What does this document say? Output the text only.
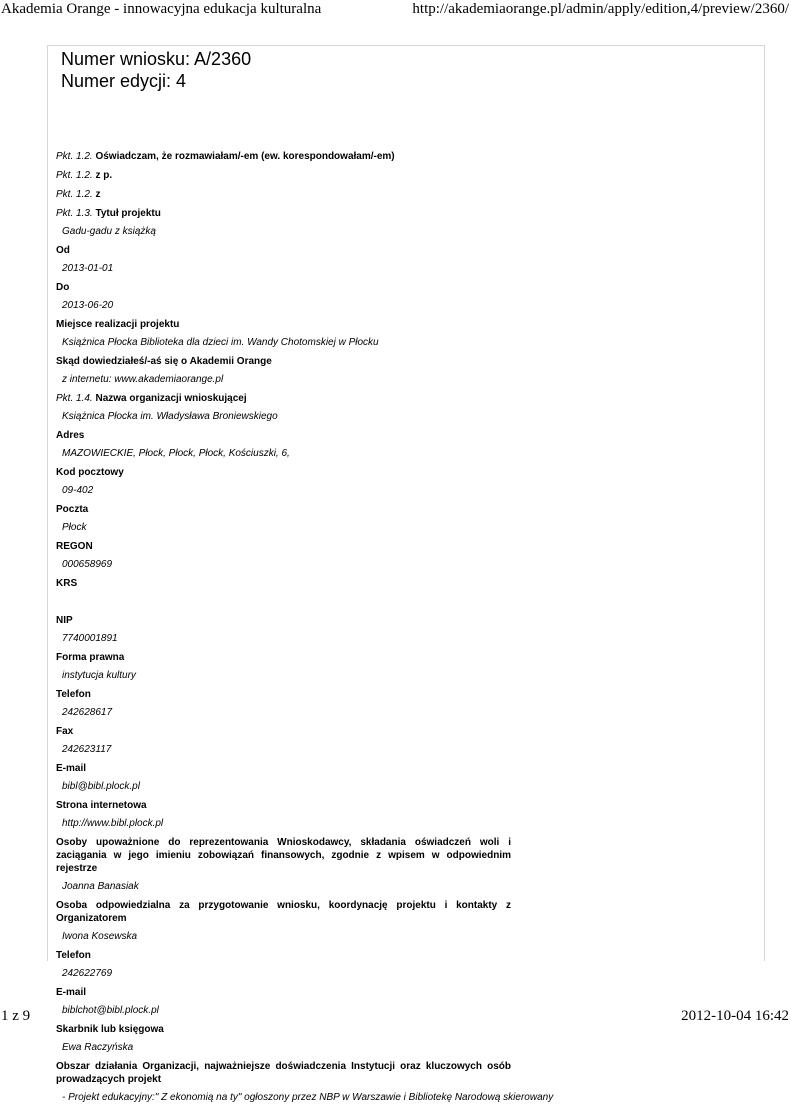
Akademia Orange - innowacyjna edukacja kulturalna	http://akademiaorange.pl/admin/apply/edition,4/preview/2360/
Numer wniosku: A/2360
Numer edycji: 4
Pkt. 1.2. Oświadczam, że rozmawiałam/-em (ew. korespondowałam/-em)
Pkt. 1.2. z p.
Pkt. 1.2. z
Pkt. 1.3. Tytuł projektu
Gadu-gadu z książką
Od
2013-01-01
Do
2013-06-20
Miejsce realizacji projektu
Książnica Płocka Biblioteka dla dzieci im. Wandy Chotomskiej w Płocku
Skąd dowiedziałeś/-aś się o Akademii Orange
z internetu: www.akademiaorange.pl
Pkt. 1.4. Nazwa organizacji wnioskującej
Książnica Płocka im. Władysława Broniewskiego
Adres
MAZOWIECKIE, Płock, Płock, Płock, Kościuszki, 6,
Kod pocztowy
09-402
Poczta
Płock
REGON
000658969
KRS

NIP
7740001891
Forma prawna
instytucja kultury
Telefon
242628617
Fax
242623117
E-mail
bibl@bibl.plock.pl
Strona internetowa
http://www.bibl.plock.pl
Osoby upoważnione do reprezentowania Wnioskodawcy, składania oświadczeń woli i zaciągania w jego imieniu zobowiązań finansowych, zgodnie z wpisem w odpowiednim rejestrze
Joanna Banasiak
Osoba odpowiedzialna za przygotowanie wniosku, koordynację projektu i kontakty z Organizatorem
Iwona Kosewska
Telefon
242622769
E-mail
biblchot@bibl.plock.pl
Skarbnik lub księgowa
Ewa Raczyńska
Obszar działania Organizacji, najważniejsze doświadczenia Instytucji oraz kluczowych osób prowadzących projekt
- Projekt edukacyjny:" Z ekonomią na ty" ogłoszony przez NBP w Warszawie i Bibliotekę Narodową skierowany
1 z 9	2012-10-04 16:42
